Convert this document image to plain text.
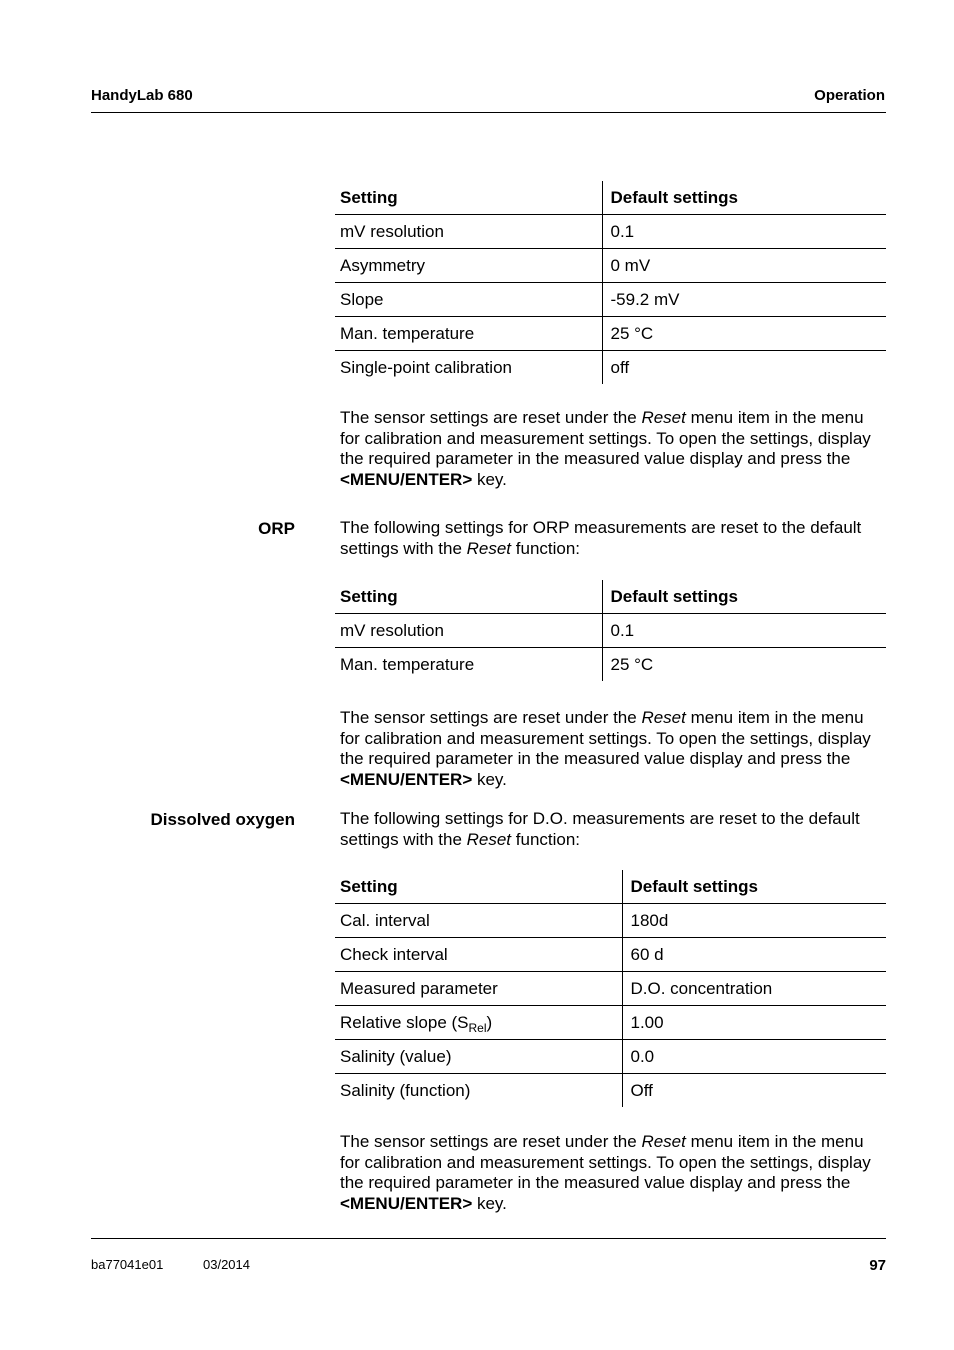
HandyLab 680	Operation
Setting	Default settings
mV resolution	0.1
Asymmetry	0 mV
Slope	-59.2 mV
Man. temperature	25 °C
Single-point calibration	off
The sensor settings are reset under the Reset menu item in the menu for calibration and measurement settings. To open the settings, display the required parameter in the measured value display and press the <MENU/ENTER> key.
ORP	The following settings for ORP measurements are reset to the default settings with the Reset function:
Setting	Default settings
mV resolution	0.1
Man. temperature	25 °C
The sensor settings are reset under the Reset menu item in the menu for calibration and measurement settings. To open the settings, display the required parameter in the measured value display and press the <MENU/ENTER> key.
Dissolved oxygen	The following settings for D.O. measurements are reset to the default settings with the Reset function:
Setting	Default settings
Cal. interval	180d
Check interval	60 d
Measured parameter	D.O. concentration
Relative slope $(S_{Rel})$	1.00
Salinity (value)	0.0
Salinity (function)	Off
The sensor settings are reset under the Reset menu item in the menu for calibration and measurement settings. To open the settings, display the required parameter in the measured value display and press the <MENU/ENTER> key.
ba77041e01	03/2014	97
